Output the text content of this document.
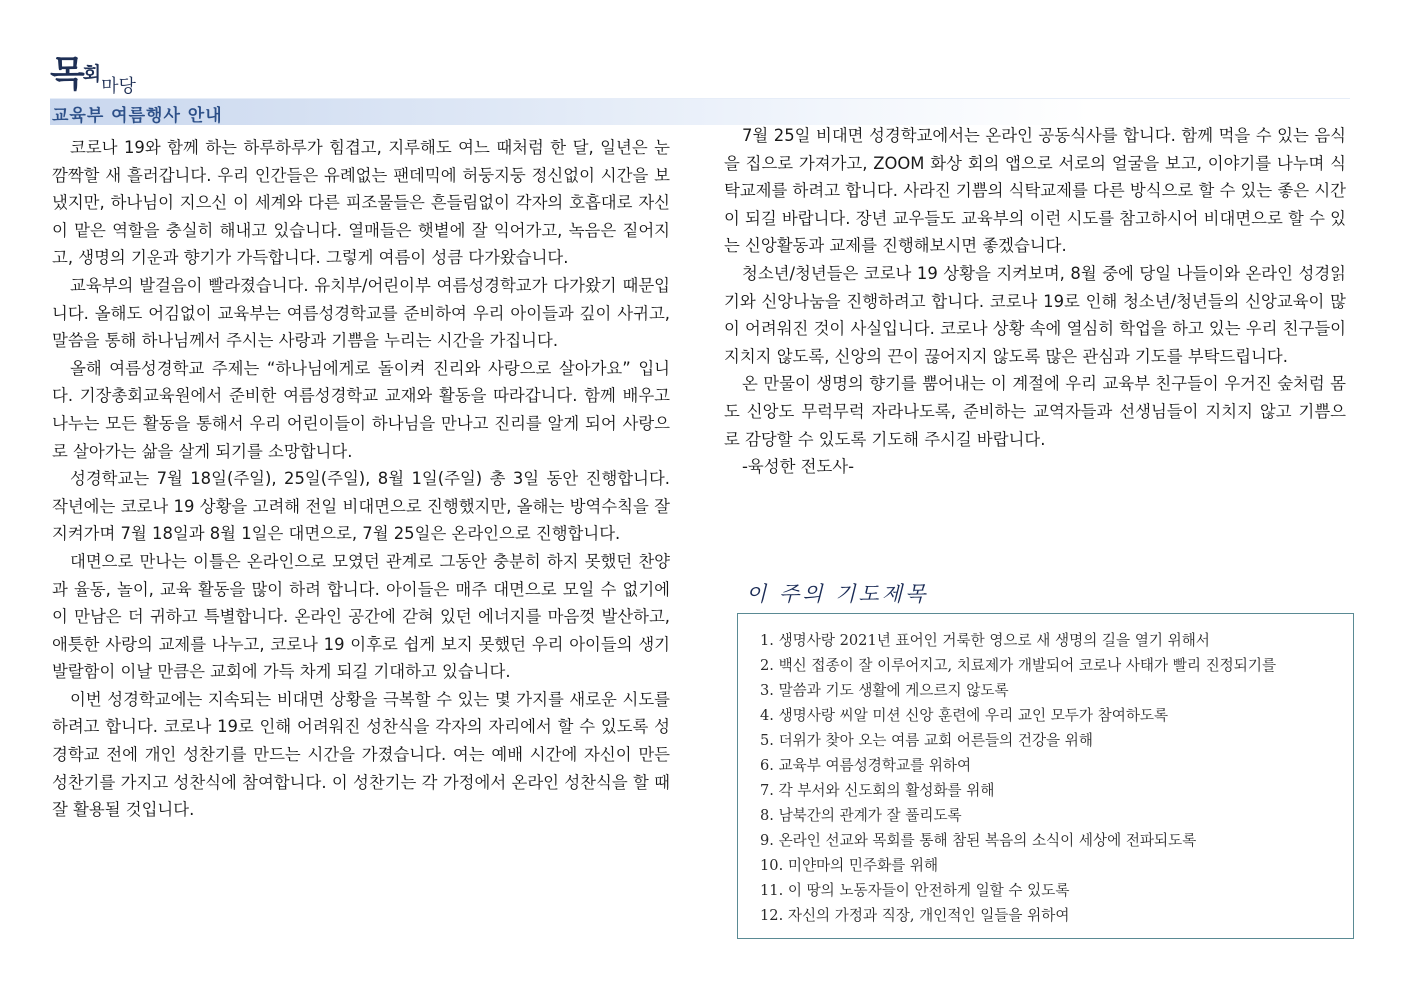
목회마당
교육부 여름행사 안내

코로나 19와 함께 하는 하루하루가 힘겹고, 지루해도 여느 때처럼 한 달, 일년은 눈 깜짝할 새 흘러갑니다. 우리 인간들은 유례없는 팬데믹에 허둥지둥 정신없이 시간을 보냈지만, 하나님이 지으신 이 세계와 다른 피조물들은 흔들림없이 각자의 호흡대로 자신이 맡은 역할을 충실히 해내고 있습니다. 열매들은 햇볕에 잘 익어가고, 녹음은 짙어지고, 생명의 기운과 향기가 가득합니다. 그렇게 여름이 성큼 다가왔습니다.

교육부의 발걸음이 빨라졌습니다. 유치부/어린이부 여름성경학교가 다가왔기 때문입니다. 올해도 어김없이 교육부는 여름성경학교를 준비하여 우리 아이들과 깊이 사귀고, 말씀을 통해 하나님께서 주시는 사랑과 기쁨을 누리는 시간을 가집니다.

올해 여름성경학교 주제는 “하나님에게로 돌이켜 진리와 사랑으로 살아가요” 입니다. 기장총회교육원에서 준비한 여름성경학교 교재와 활동을 따라갑니다. 함께 배우고 나누는 모든 활동을 통해서 우리 어린이들이 하나님을 만나고 진리를 알게 되어 사랑으로 살아가는 삶을 살게 되기를 소망합니다.

성경학교는 7월 18일(주일), 25일(주일), 8월 1일(주일) 총 3일 동안 진행합니다. 작년에는 코로나 19 상황을 고려해 전일 비대면으로 진행했지만, 올해는 방역수칙을 잘 지켜가며 7월 18일과 8월 1일은 대면으로, 7월 25일은 온라인으로 진행합니다.

대면으로 만나는 이틀은 온라인으로 모였던 관계로 그동안 충분히 하지 못했던 찬양과 율동, 놀이, 교육 활동을 많이 하려 합니다. 아이들은 매주 대면으로 모일 수 없기에 이 만남은 더 귀하고 특별합니다. 온라인 공간에 갇혀 있던 에너지를 마음껏 발산하고, 애틋한 사랑의 교제를 나누고, 코로나 19 이후로 쉽게 보지 못했던 우리 아이들의 생기발랄함이 이날 만큼은 교회에 가득 차게 되길 기대하고 있습니다.

이번 성경학교에는 지속되는 비대면 상황을 극복할 수 있는 몇 가지를 새로운 시도를 하려고 합니다. 코로나 19로 인해 어려워진 성찬식을 각자의 자리에서 할 수 있도록 성경학교 전에 개인 성찬기를 만드는 시간을 가졌습니다. 여는 예배 시간에 자신이 만든 성찬기를 가지고 성찬식에 참여합니다. 이 성찬기는 각 가정에서 온라인 성찬식을 할 때 잘 활용될 것입니다.

7월 25일 비대면 성경학교에서는 온라인 공동식사를 합니다. 함께 먹을 수 있는 음식을 집으로 가져가고, ZOOM 화상 회의 앱으로 서로의 얼굴을 보고, 이야기를 나누며 식탁교제를 하려고 합니다. 사라진 기쁨의 식탁교제를 다른 방식으로 할 수 있는 좋은 시간이 되길 바랍니다. 장년 교우들도 교육부의 이런 시도를 참고하시어 비대면으로 할 수 있는 신앙활동과 교제를 진행해보시면 좋겠습니다.

청소년/청년들은 코로나 19 상황을 지켜보며, 8월 중에 당일 나들이와 온라인 성경읽기와 신앙나눔을 진행하려고 합니다. 코로나 19로 인해 청소년/청년들의 신앙교육이 많이 어려워진 것이 사실입니다. 코로나 상황 속에 열심히 학업을 하고 있는 우리 친구들이 지치지 않도록, 신앙의 끈이 끊어지지 않도록 많은 관심과 기도를 부탁드립니다.

온 만물이 생명의 향기를 뿜어내는 이 계절에 우리 교육부 친구들이 우거진 숲처럼 몸도 신앙도 무럭무럭 자라나도록, 준비하는 교역자들과 선생님들이 지치지 않고 기쁨으로 감당할 수 있도록 기도해 주시길 바랍니다.

-육성한 전도사-

이 주의 기도제목
1. 생명사랑 2021년 표어인 거룩한 영으로 새 생명의 길을 열기 위해서
2. 백신 접종이 잘 이루어지고, 치료제가 개발되어 코로나 사태가 빨리 진정되기를
3. 말씀과 기도 생활에 게으르지 않도록
4. 생명사랑 씨알 미션 신앙 훈련에 우리 교인 모두가 참여하도록
5. 더위가 찾아 오는 여름 교회 어른들의 건강을 위해
6. 교육부 여름성경학교를 위하여
7. 각 부서와 신도회의 활성화를 위해
8. 남북간의 관계가 잘 풀리도록
9. 온라인 선교와 목회를 통해 참된 복음의 소식이 세상에 전파되도록
10. 미얀마의 민주화를 위해
11. 이 땅의 노동자들이 안전하게 일할 수 있도록
12. 자신의 가정과 직장, 개인적인 일들을 위하여
